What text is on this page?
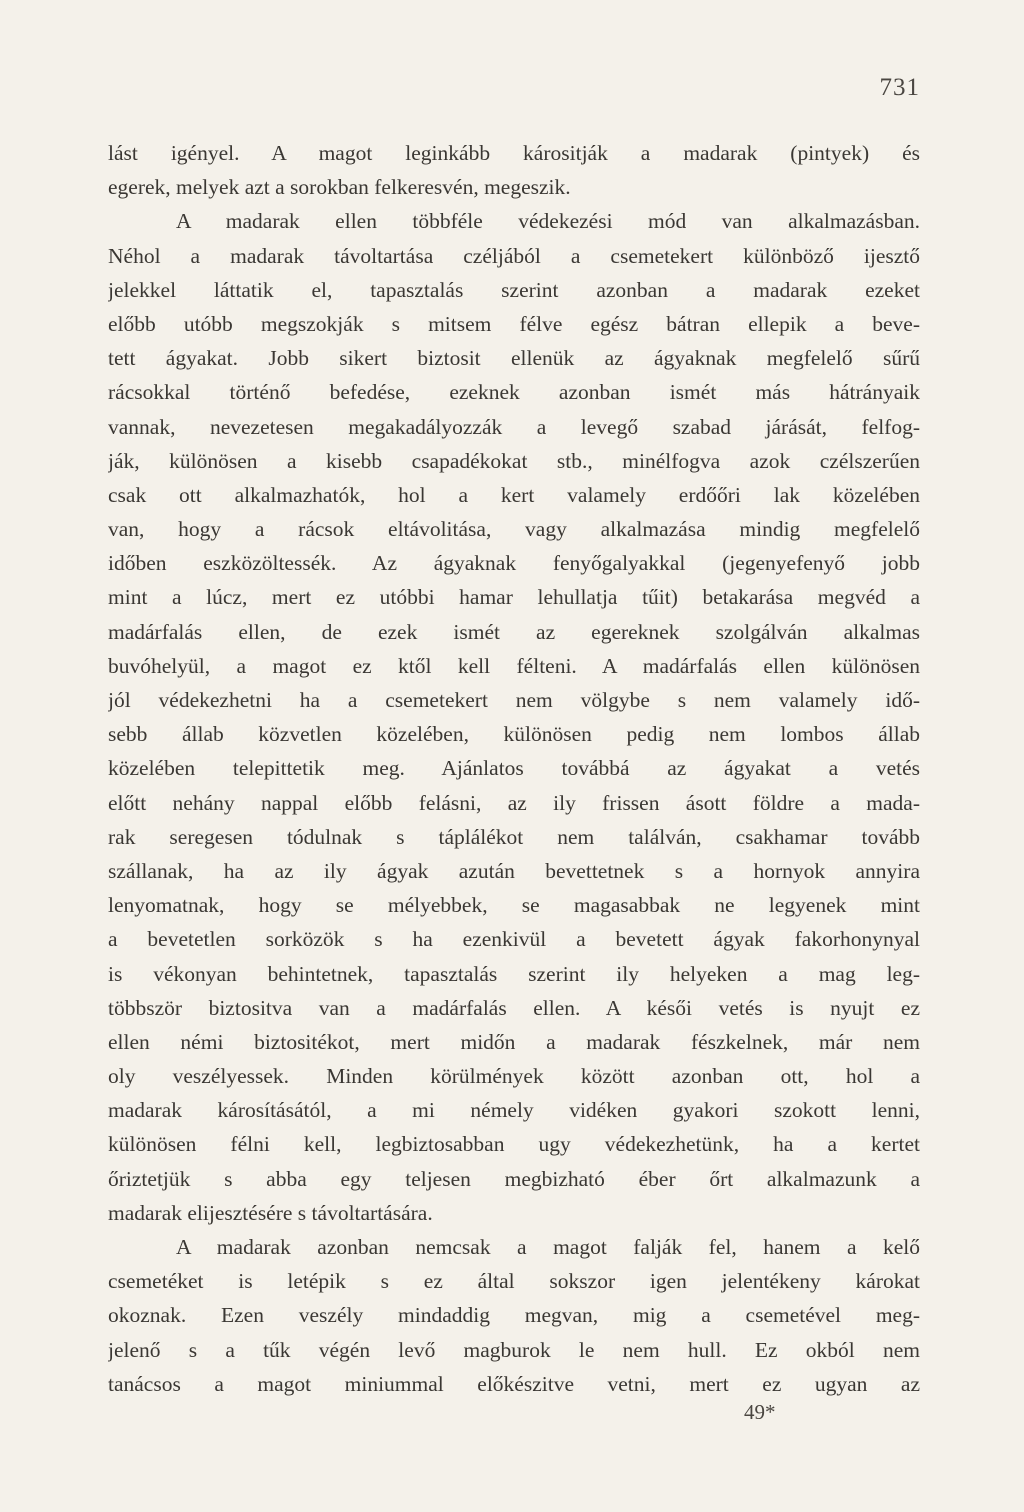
731
lást igényel. A magot leginkább kárositják a madarak (pintyek) és
egerek, melyek azt a sorokban felkeresvén, megeszik.
A madarak ellen többféle védekezési mód van alkalmazásban.
Néhol a madarak távoltartása czéljából a csemetekert különböző ijesztő
jelekkel láttatik el, tapasztalás szerint azonban a madarak ezeket
előbb utóbb megszokják s mitsem félve egész bátran ellepik a beve-
tett ágyakat. Jobb sikert biztosit ellenük az ágyaknak megfelelő sűrű
rácsokkal történő befedése, ezeknek azonban ismét más hátrányaik
vannak, nevezetesen megakadályozzák a levegő szabad járását, felfog-
ják, különösen a kisebb csapadékokat stb., minélfogva azok czélszerűen
csak ott alkalmazhatók, hol a kert valamely erdőőri lak közelében
van, hogy a rácsok eltávolitása, vagy alkalmazása mindig megfelelő
időben eszközöltessék. Az ágyaknak fenyőgalyakkal (jegenyefenyő jobb
mint a lúcz, mert ez utóbbi hamar lehullatja tűit) betakarása megvéd a
madárfalás ellen, de ezek ismét az egereknek szolgálván alkalmas
buvóhelyül, a magot ez ktől kell félteni. A madárfalás ellen különösen
jól védekezhetni ha a csemetekert nem völgybe s nem valamely idő-
sebb állab közvetlen közelében, különösen pedig nem lombos állab
közelében telepittetik meg. Ajánlatos továbbá az ágyakat a vetés
előtt nehány nappal előbb felásni, az ily frissen ásott földre a mada-
rak seregesen tódulnak s táplálékot nem találván, csakhamar tovább
szállanak, ha az ily ágyak azután bevettetnek s a hornyok annyira
lenyomatnak, hogy se mélyebbek, se magasabbak ne legyenek mint
a bevetetlen sorközök s ha ezenkivül a bevetett ágyak fakorhonynyal
is vékonyan behintetnek, tapasztalás szerint ily helyeken a mag leg-
többször biztositva van a madárfalás ellen. A késői vetés is nyujt ez
ellen némi biztositékot, mert midőn a madarak fészkelnek, már nem
oly veszélyessek. Minden körülmények között azonban ott, hol a
madarak károsításától, a mi némely vidéken gyakori szokott lenni,
különösen félni kell, legbiztosabban ugy védekezhetünk, ha a kertet
őriztetjük s abba egy teljesen megbizható éber őrt alkalmazunk a
madarak elijesztésére s távoltartására.
A madarak azonban nemcsak a magot falják fel, hanem a kelő
csemetéket is letépik s ez által sokszor igen jelentékeny károkat
okoznak. Ezen veszély mindaddig megvan, mig a csemetével meg-
jelenő s a tűk végén levő magburok le nem hull. Ez okból nem
tanácsos a magot miniummal előkészitve vetni, mert ez ugyan az
49*
